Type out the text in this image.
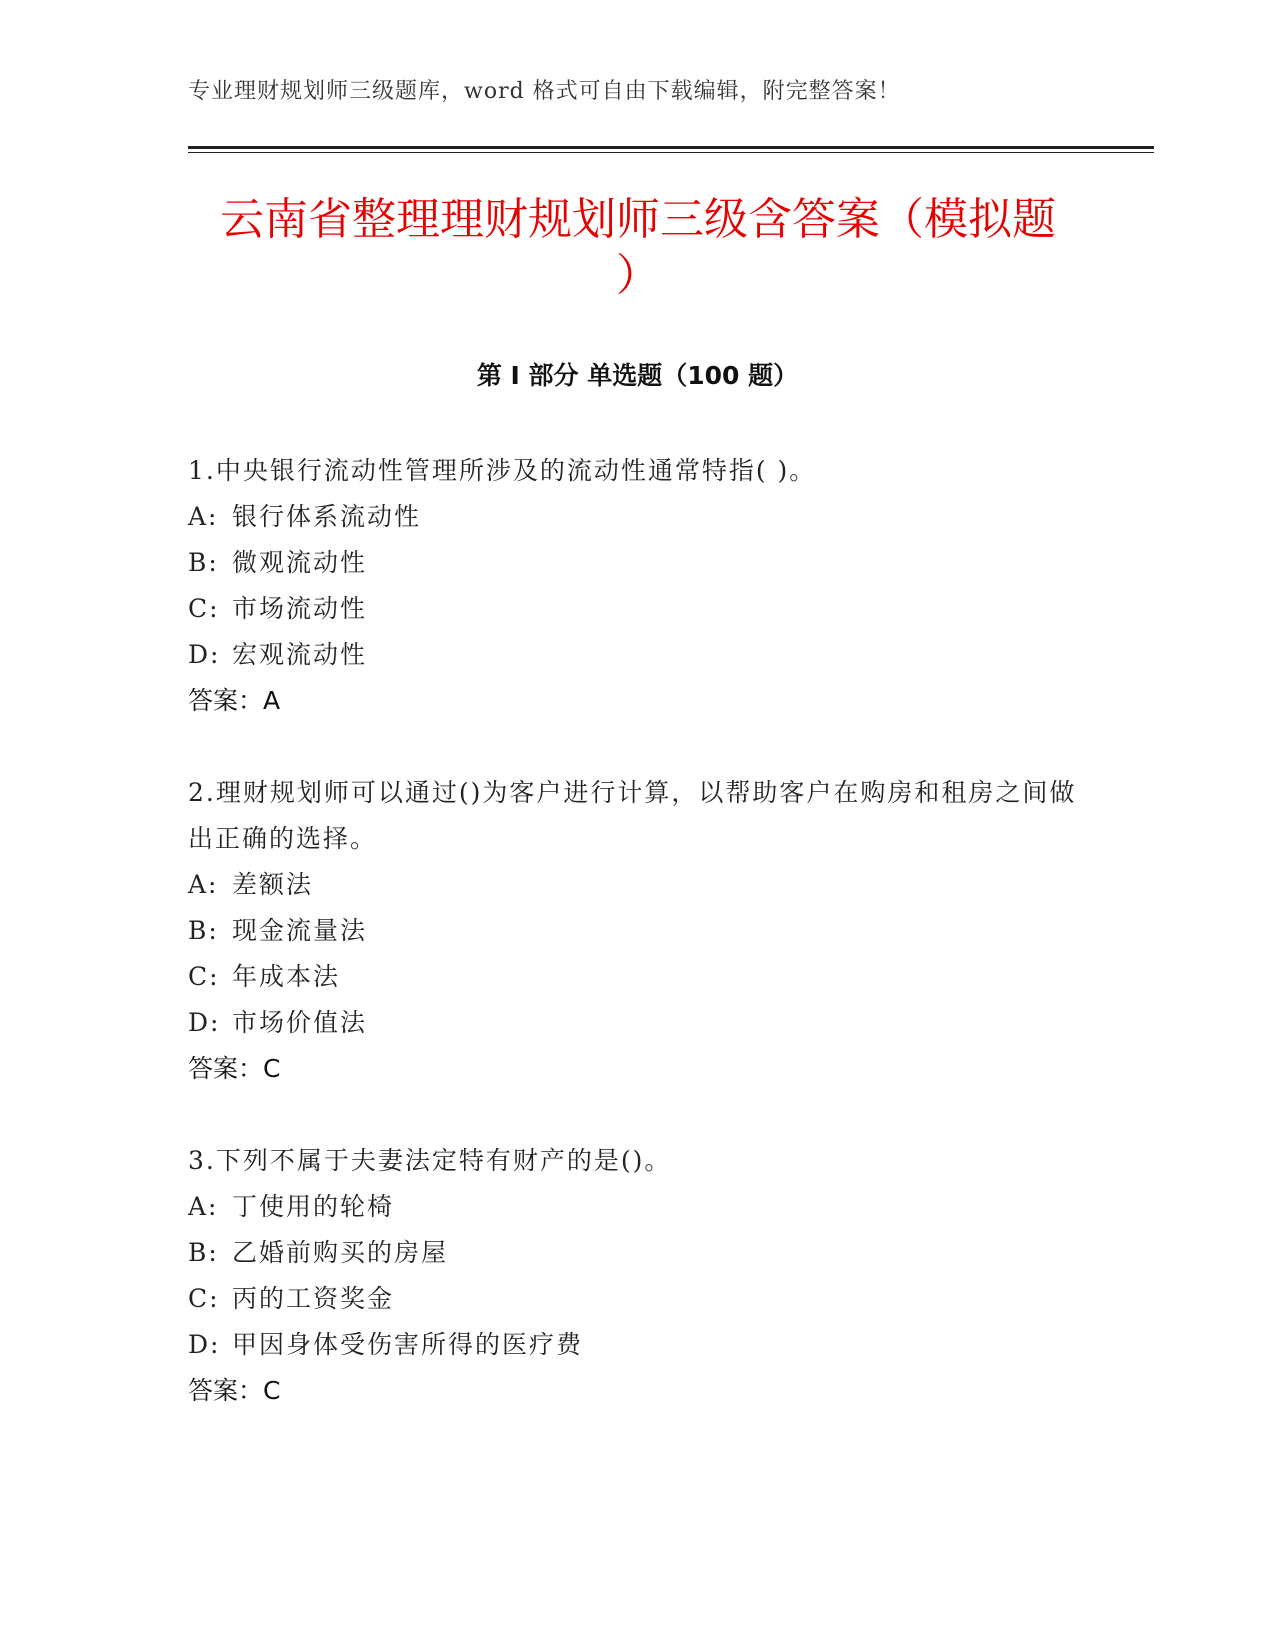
专业理财规划师三级题库，word 格式可自由下载编辑，附完整答案！
云南省整理理财规划师三级含答案（模拟题
）
第 I 部分 单选题（100 题）
1.中央银行流动性管理所涉及的流动性通常特指( )。
A: 银行体系流动性
B: 微观流动性
C: 市场流动性
D: 宏观流动性
答案：A
2.理财规划师可以通过()为客户进行计算，以帮助客户在购房和租房之间做出正确的选择。
A: 差额法
B: 现金流量法
C: 年成本法
D: 市场价值法
答案：C
3.下列不属于夫妻法定特有财产的是()。
A: 丁使用的轮椅
B: 乙婚前购买的房屋
C: 丙的工资奖金
D: 甲因身体受伤害所得的医疗费
答案：C
